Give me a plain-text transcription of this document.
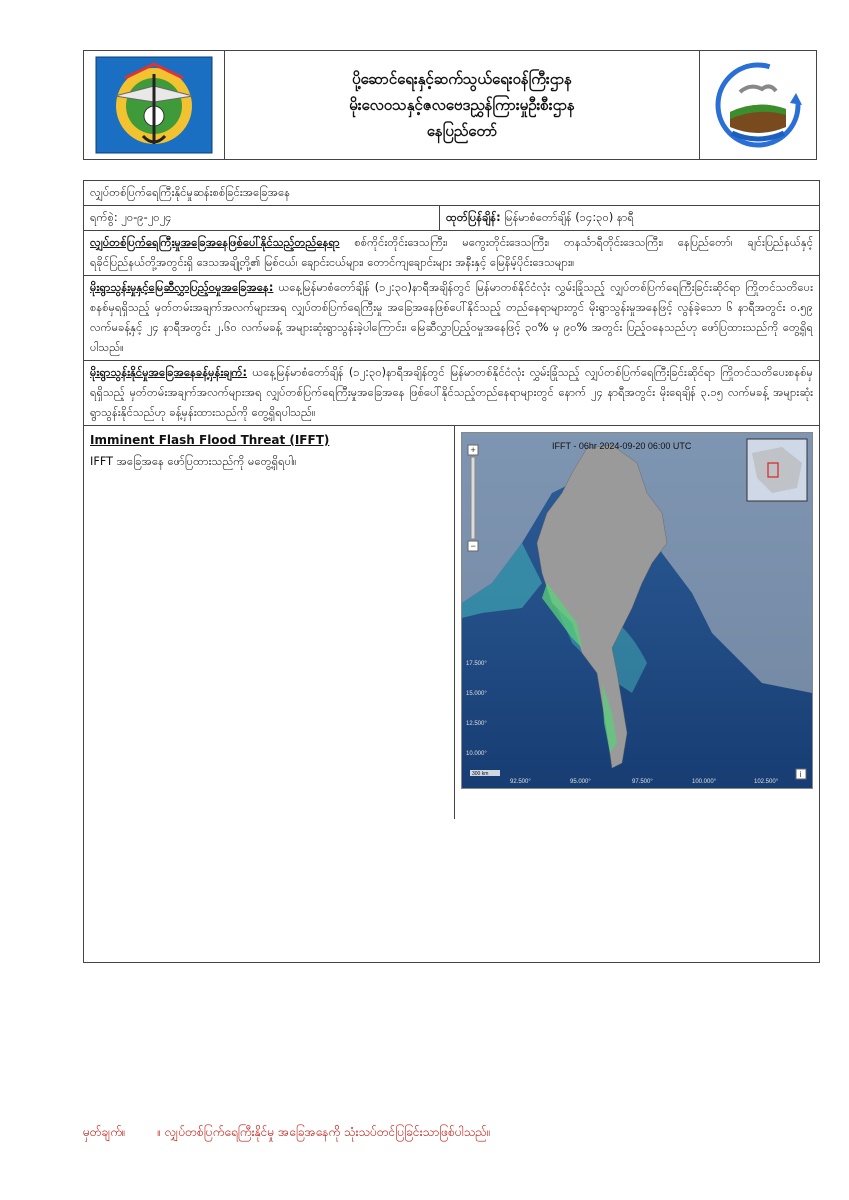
ပို့ဆောင်ရေးနှင့်ဆက်သွယ်ရေးဝန်ကြီးဌာန
မိုးလေဝသနှင့်ဇလဗေဒညွှန်ကြားမှုဦးစီးဌာန
နေပြည်တော်
လျှပ်တစ်ပြက်ရေကြီးနိုင်မှုဆန်းစစ်ခြင်းအခြေအနေ
ရက်စွဲ: ၂၀-၉-၂၀၂၄	ထုတ်ပြန်ချိန်: မြန်မာစံတော်ချိန် (၁၄:၃၀) နာရီ
လျှပ်တစ်ပြက်ရေကြီးမှုအခြေအနေဖြစ်ပေါ်နိုင်သည့်တည်နေရာ စစ်ကိုင်းတိုင်းဒေသကြီး၊ မကွေးတိုင်းဒေသကြီး၊ တနင်္သာရီတိုင်းဒေသကြီး၊ နေပြည်တော်၊ ချင်းပြည်နယ်နှင့် ရခိုင်ပြည်နယ်တို့အတွင်းရှိ ဒေသအချို့တို့၏ မြစ်ငယ်၊ ချောင်းငယ်များ၊ တောင်ကျချောင်းများ အနီးနှင့် မြေနိမ့်ပိုင်းဒေသများ။
မိုးရွာသွန်းမှုနှင့်မြေဆီလွှာပြည့်ဝမှုအခြေအနေ: ယနေ့မြန်မာစံတော်ချိန် (၁၂:၃၀)နာရီအချိန်တွင် မြန်မာတစ်နိုင်ငံလုံး လွှမ်းခြုံသည့် လျှပ်တစ်ပြက်ရေကြီးခြင်းဆိုင်ရာ ကြိုတင်သတိပေးစနစ်မှရရှိသည့် မှတ်တမ်းအချက်အလက်များအရ လျှပ်တစ်ပြက်ရေကြီးမှု အခြေအနေဖြစ်ပေါ်နိုင်သည့် တည်နေရာများတွင် မိုးရွာသွန်းမှုအနေဖြင့် လွန်ခဲ့သော ၆ နာရီအတွင်း ၀.၅၉ လက်မခန့်နှင့် ၂၄ နာရီအတွင်း ၂.၆၀ လက်မခန့် အများဆုံးရွာသွန်းခဲ့ပါကြောင်း၊ မြေဆီလွှာပြည့်ဝမှုအနေဖြင့် ၃၀% မှ ၉၀% အတွင်း ပြည့်ဝနေသည်ဟု ဖော်ပြထားသည်ကို တွေ့ရှိရပါသည်။
မိုးရွာသွန်းနိုင်မှုအခြေအနေခန့်မှန်းချက်: ယနေ့မြန်မာစံတော်ချိန် (၁၂:၃၀)နာရီအချိန်တွင် မြန်မာတစ်နိုင်ငံလုံး လွှမ်းခြုံသည့် လျှပ်တစ်ပြက်ရေကြီးခြင်းဆိုင်ရာ ကြိုတင်သတိပေးစနစ်မှ ရရှိသည့် မှတ်တမ်းအချက်အလက်များအရ လျှပ်တစ်ပြက်ရေကြီးမှုအခြေအနေ ဖြစ်ပေါ်နိုင်သည့်တည်နေရာများတွင် နောက် ၂၄ နာရီအတွင်း မိုးရေချိန် ၃.၁၅ လက်မခန့် အများဆုံး ရွာသွန်းနိုင်သည်ဟု ခန့်မှန်းထားသည်ကို တွေ့ရှိရပါသည်။
Imminent Flash Flood Threat (IFFT)
IFFT အခြေအနေ ဖော်ပြထားသည်ကို မတွေ့ရှိရပါ။
IFFT - 06hr 2024-09-20 06:00 UTC
+
−
17.500°
15.000°
12.500°
10.000°
92.500°	95.000°	97.500°	100.000°	102.500°
300 km	i
မှတ်ချက်။	။ လျှပ်တစ်ပြက်ရေကြီးနိုင်မှု အခြေအနေကို သုံးသပ်တင်ပြခြင်းသာဖြစ်ပါသည်။
